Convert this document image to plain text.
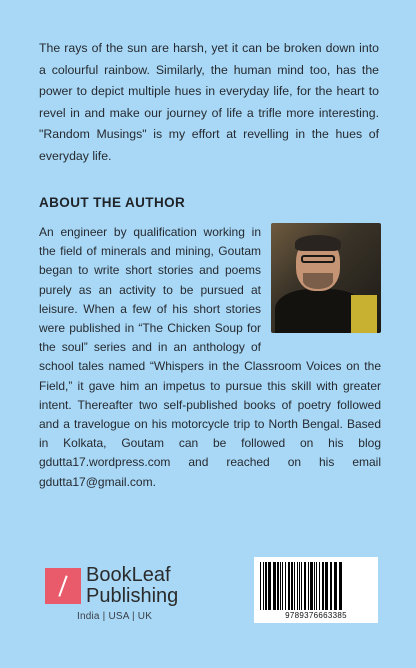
The rays of the sun are harsh, yet it can be broken down into a colourful rainbow. Similarly, the human mind too, has the power to depict multiple hues in everyday life, for the heart to revel in and make our journey of life a trifle more interesting. "Random Musings" is my effort at revelling in the hues of everyday life.
ABOUT THE AUTHOR
An engineer by qualification working in the field of minerals and mining, Goutam began to write short stories and poems purely as an activity to be pursued at leisure. When a few of his short stories were published in “The Chicken Soup for the soul” series and in an anthology of school tales named “Whispers in the Classroom Voices on the Field,” it gave him an impetus to pursue this skill with greater intent. Thereafter two self-published books of poetry followed and a travelogue on his motorcycle trip to North Bengal. Based in Kolkata, Goutam can be followed on his blog gdutta17.wordpress.com and reached on his email gdutta17@gmail.com.
BookLeaf
Publishing
India | USA | UK	9789376663385
